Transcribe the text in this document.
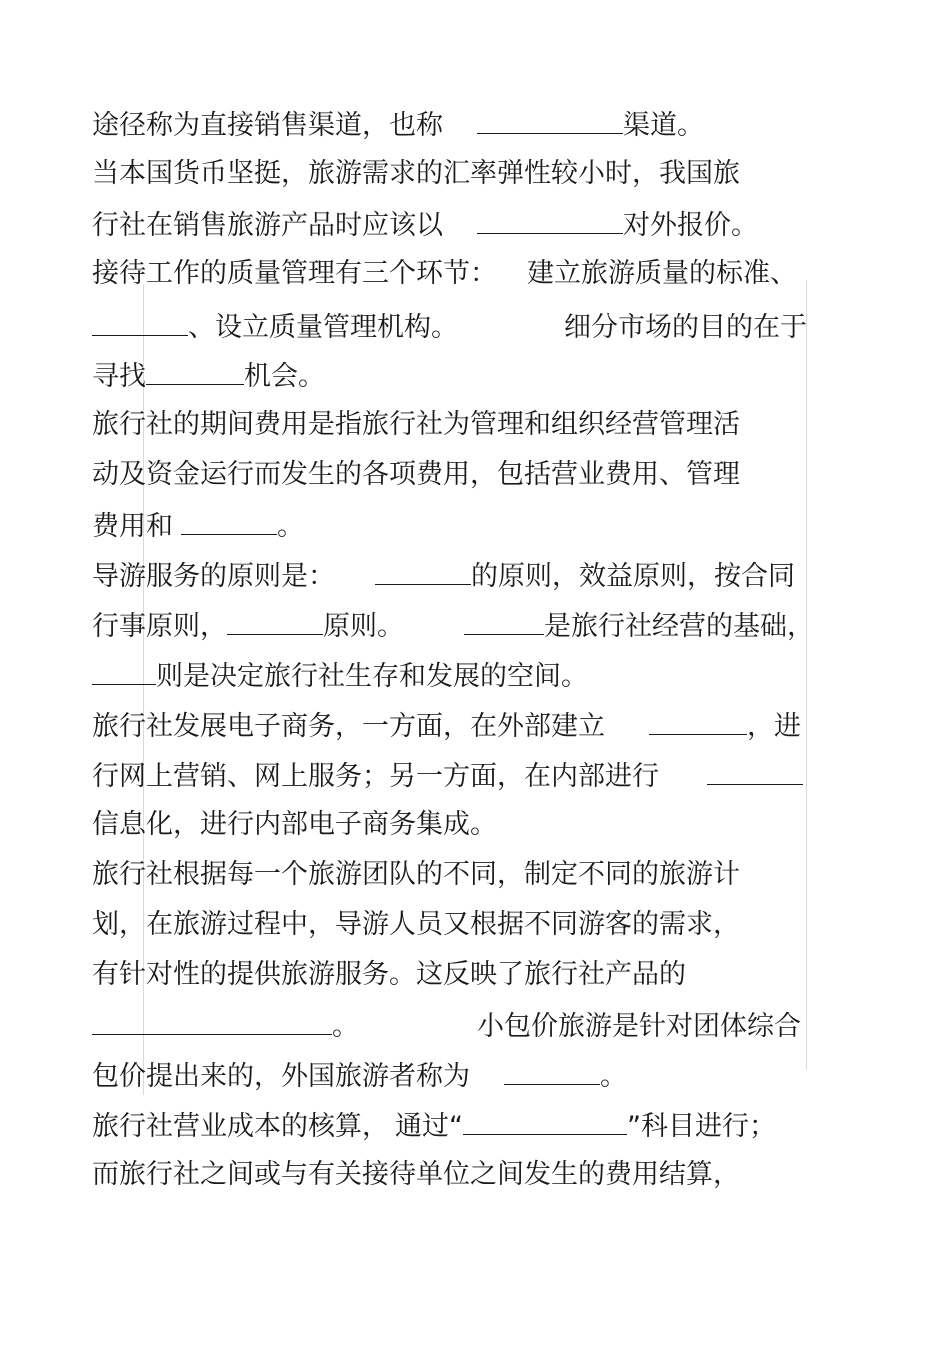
途径称为直接销售渠道，也称	渠道。
当本国货币坚挺，旅游需求的汇率弹性较小时，我国旅
行社在销售旅游产品时应该以	对外报价。
接待工作的质量管理有三个环节： 建立旅游质量的标准、
、设立质量管理机构。	细分市场的目的在于
寻找	机会。
旅行社的期间费用是指旅行社为管理和组织经营管理活
动及资金运行而发生的各项费用，包括营业费用、管理
费用和	。
导游服务的原则是：	的原则，效益原则，按合同
行事原则，	原则。	是旅行社经营的基础，
则是决定旅行社生存和发展的空间。
旅行社发展电子商务，一方面，在外部建立	，进
行网上营销、网上服务；另一方面，在内部进行
信息化，进行内部电子商务集成。
旅行社根据每一个旅游团队的不同，制定不同的旅游计
划，在旅游过程中，导游人员又根据不同游客的需求，
有针对性的提供旅游服务。这反映了旅行社产品的
。	小包价旅游是针对团体综合
包价提出来的，外国旅游者称为	。
旅行社营业成本的核算， 通过“	”科目进行；
而旅行社之间或与有关接待单位之间发生的费用结算，
